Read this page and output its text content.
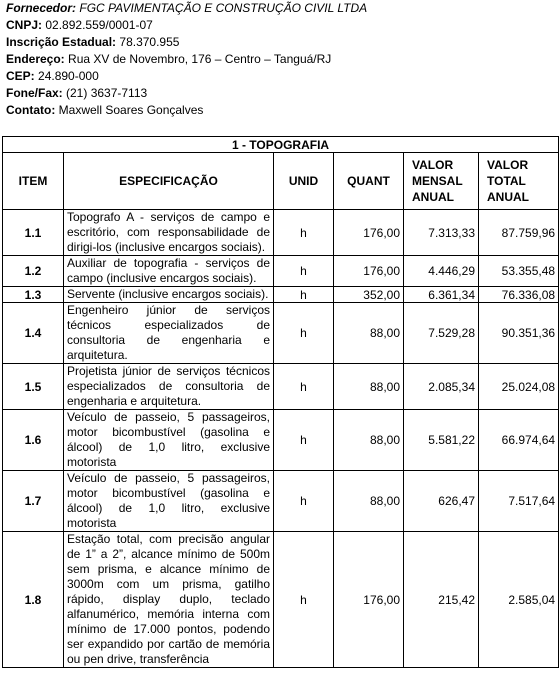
Fornecedor: FGC PAVIMENTAÇÃO E CONSTRUÇÃO CIVIL LTDA
CNPJ: 02.892.559/0001-07
Inscrição Estadual: 78.370.955
Endereço: Rua XV de Novembro, 176 – Centro – Tanguá/RJ
CEP: 24.890-000
Fone/Fax: (21) 3637-7113
Contato: Maxwell Soares Gonçalves
1 - TOPOGRAFIA					
ITEM	ESPECIFICAÇÃO	UNID	QUANT	VALOR MENSAL ANUAL	VALOR TOTAL ANUAL
1.1	Topografo A - serviços de campo e escritório, com responsabilidade de dirigi-los (inclusive encargos sociais).	h	176,00	7.313,33	87.759,96
1.2	Auxiliar de topografia - serviços de campo (inclusive encargos sociais).	h	176,00	4.446,29	53.355,48
1.3	Servente (inclusive encargos sociais).	h	352,00	6.361,34	76.336,08
1.4	Engenheiro júnior de serviços técnicos especializados de consultoria de engenharia e arquitetura.	h	88,00	7.529,28	90.351,36
1.5	Projetista júnior de serviços técnicos especializados de consultoria de engenharia e arquitetura.	h	88,00	2.085,34	25.024,08
1.6	Veículo de passeio, 5 passageiros, motor bicombustível (gasolina e álcool) de 1,0 litro, exclusive motorista	h	88,00	5.581,22	66.974,64
1.7	Veículo de passeio, 5 passageiros, motor bicombustível (gasolina e álcool) de 1,0 litro, exclusive motorista	h	88,00	626,47	7.517,64
1.8	Estação total, com precisão angular de 1” a 2”, alcance mínimo de 500m sem prisma, e alcance mínimo de 3000m com um prisma, gatilho rápido, display duplo, teclado alfanumérico, memória interna com mínimo de 17.000 pontos, podendo ser expandido por cartão de memória ou pen drive, transferência	h	176,00	215,42	2.585,04
